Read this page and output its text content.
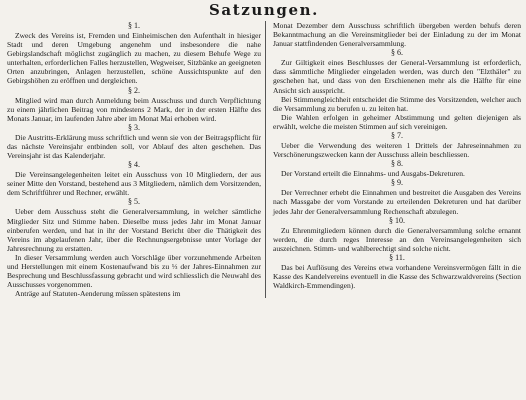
Satzungen.
§ 1.

Zweck des Vereins ist, Fremden und Einheimischen den Aufenthalt in hiesiger Stadt und deren Umgebung angenehm und insbesondere die nahe Gebirgslandschaft möglichst zugänglich zu machen, zu diesem Behufe Wege zu unterhalten, erforderlichen Falles herzustellen, Wegweiser, Sitzbänke an geeigneten Orten anzubringen, Anlagen herzustellen, schöne Aussichtspunkte auf den Gebirgshöhen zu eröffnen und dergleichen.

§ 2.

Mitglied wird man durch Anmeldung beim Ausschuss und durch Verpflichtung zu einem jährlichen Beitrag von mindestens 2 Mark, der in der ersten Hälfte des Monats Januar, im laufenden Jahre aber im Monat Mai erhoben wird.

§ 3.

Die Austritts-Erklärung muss schriftlich und wenn sie von der Beitragspflicht für das nächste Vereinsjahr entbinden soll, vor Ablauf des alten geschehen. Das Vereinsjahr ist das Kalenderjahr.

§ 4.

Die Vereinsangelegenheiten leitet ein Ausschuss von 10 Mitgliedern, der aus seiner Mitte den Vorstand, bestehend aus 3 Mitgliedern, nämlich dem Vorsitzenden, dem Schriftführer und Rechner, erwählt.

§ 5.

Ueber dem Ausschuss steht die Generalversammlung, in welcher sämtliche Mitglieder Sitz und Stimme haben. Dieselbe muss jedes Jahr im Monat Januar einberufen werden, und hat in ihr der Vorstand Bericht über die Thätigkeit des Vereins im abgelaufenen Jahr, über die Rechnungsergebnisse unter Vorlage der Jahresrechnung zu erstatten.

In dieser Versammlung werden auch Vorschläge über vorzunehmende Arbeiten und Herstellungen mit einem Kostenaufwand bis zu ⅓ der Jahres-Einnahmen zur Besprechung und Beschlussfassung gebracht und wird schliesslich die Neuwahl des Ausschusses vorgenommen.

Anträge auf Statuten-Aenderung müssen spätestens im

Monat Dezember dem Ausschuss schriftlich übergeben werden behufs deren Bekanntmachung an die Vereinsmitglieder bei der Einladung zu der im Monat Januar stattfindenden Generalversammlung.

§ 6.

Zur Giltigkeit eines Beschlusses der General-Versammlung ist erforderlich, dass sämmtliche Mitglieder eingeladen werden, was durch den "Elzthäler" zu geschehen hat, und dass von den Erschienenen mehr als die Hälfte für eine Ansicht sich ausspricht.

Bei Stimmengleichheit entscheidet die Stimme des Vorsitzenden, welcher auch die Versammlung zu berufen u. zu leiten hat.

Die Wahlen erfolgen in geheimer Abstimmung und gelten diejenigen als erwählt, welche die meisten Stimmen auf sich vereinigen.

§ 7.

Ueber die Verwendung des weiteren 1 Drittels der Jahreseinnahmen zu Verschönerungszwecken kann der Ausschuss allein beschliessen.

§ 8.

Der Vorstand erteilt die Einnahms- und Ausgabs-Dekreturen.

§ 9.

Der Verrechner erhebt die Einnahmen und bestreitet die Ausgaben des Vereins nach Massgabe der vom Vorstande zu erteilenden Dekreturen und hat darüber jedes Jahr der Generalversammlung Rechenschaft abzulegen.

§ 10.

Zu Ehrenmitgliedern können durch die Generalversammlung solche ernannt werden, die durch reges Interesse an den Vereinsangelegenheiten sich auszeichnen. Stimm- und wahlberechtigt sind solche nicht.

§ 11.

Das bei Auflösung des Vereins etwa vorhandene Vereinsvermögen fällt in die Kasse des Kandelvereins eventuell in die Kasse des Schwarzwaldvereins (Section Waldkirch-Emmendingen).
